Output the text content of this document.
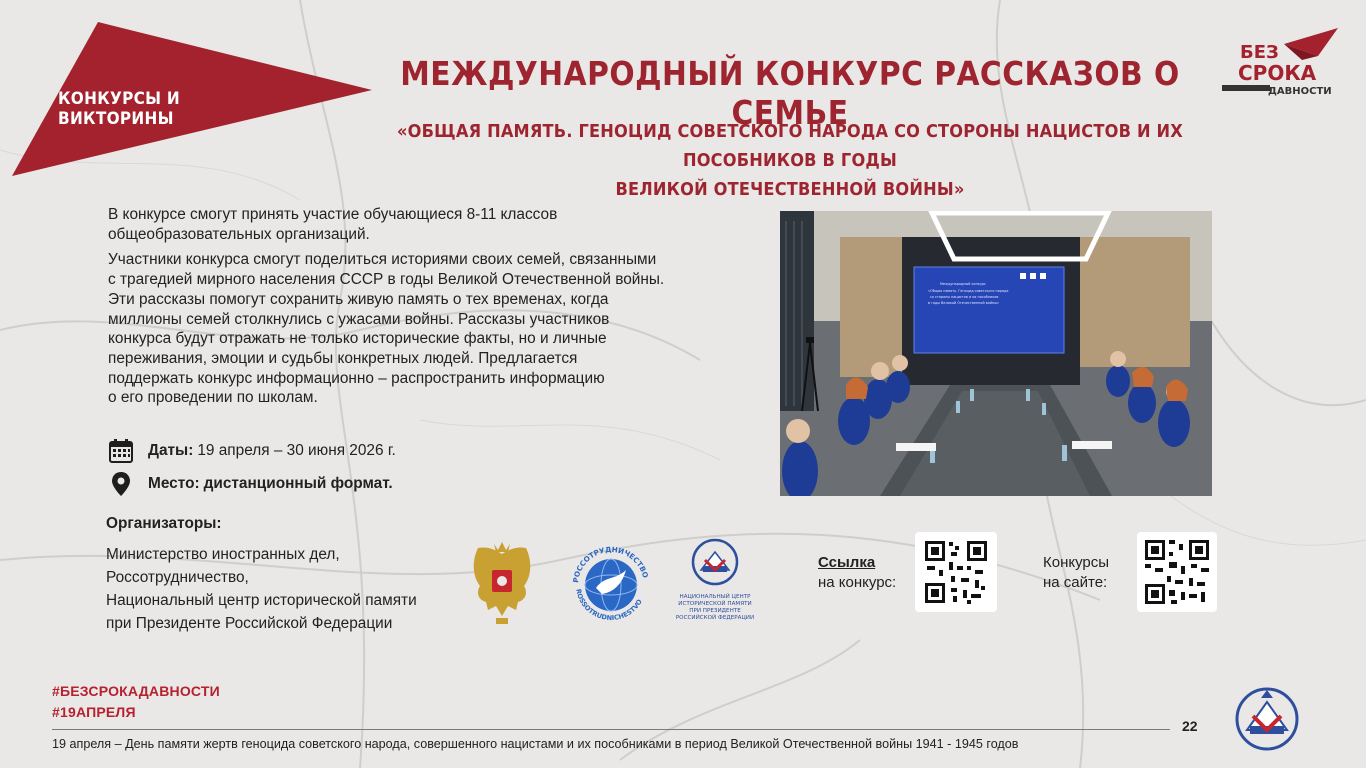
КОНКУРСЫ И ВИКТОРИНЫ
МЕЖДУНАРОДНЫЙ КОНКУРС РАССКАЗОВ О СЕМЬЕ
«ОБЩАЯ ПАМЯТЬ. ГЕНОЦИД СОВЕТСКОГО НАРОДА СО СТОРОНЫ НАЦИСТОВ И ИХ ПОСОБНИКОВ В ГОДЫ
ВЕЛИКОЙ ОТЕЧЕСТВЕННОЙ ВОЙНЫ»
БЕЗ
СРОКА
ДАВНОСТИ

В конкурсе смогут принять участие обучающиеся 8-11 классов
общеобразовательных организаций.

Участники конкурса смогут поделиться историями своих семей, связанными
с трагедией мирного населения СССР в годы Великой Отечественной войны.
Эти рассказы помогут сохранить живую память о тех временах, когда
миллионы семей столкнулись с ужасами войны. Рассказы участников
конкурса будут отражать не только исторические факты, но и личные
переживания, эмоции и судьбы конкретных людей. Предлагается
поддержать конкурс информационно – распространить информацию
о его проведении по школам.

Даты: 19 апреля – 30 июня 2026 г.
Место: дистанционный формат.
Международный конкурс
«Общая память. Геноцид советского народа
со стороны нацистов и их пособников
в годы Великой Отечественной войны»
Организаторы:
Министерство иностранных дел,
Россотрудничество,
Национальный центр исторической памяти
при Президенте Российской Федерации
РОССОТРУДНИЧЕСТВО
ROSSOTRUDNICHESTVO
НАЦИОНАЛЬНЫЙ ЦЕНТР
ИСТОРИЧЕСКОЙ ПАМЯТИ
ПРИ ПРЕЗИДЕНТЕ
РОССИЙСКОЙ ФЕДЕРАЦИИ
Ссылка
на конкурс:
Конкурсы
на сайте:
#БЕЗСРОКАДАВНОСТИ
#19АПРЕЛЯ
19 апреля – День памяти жертв геноцида советского народа, совершенного нацистами и их пособниками в период Великой Отечественной войны 1941 - 1945 годов
22
